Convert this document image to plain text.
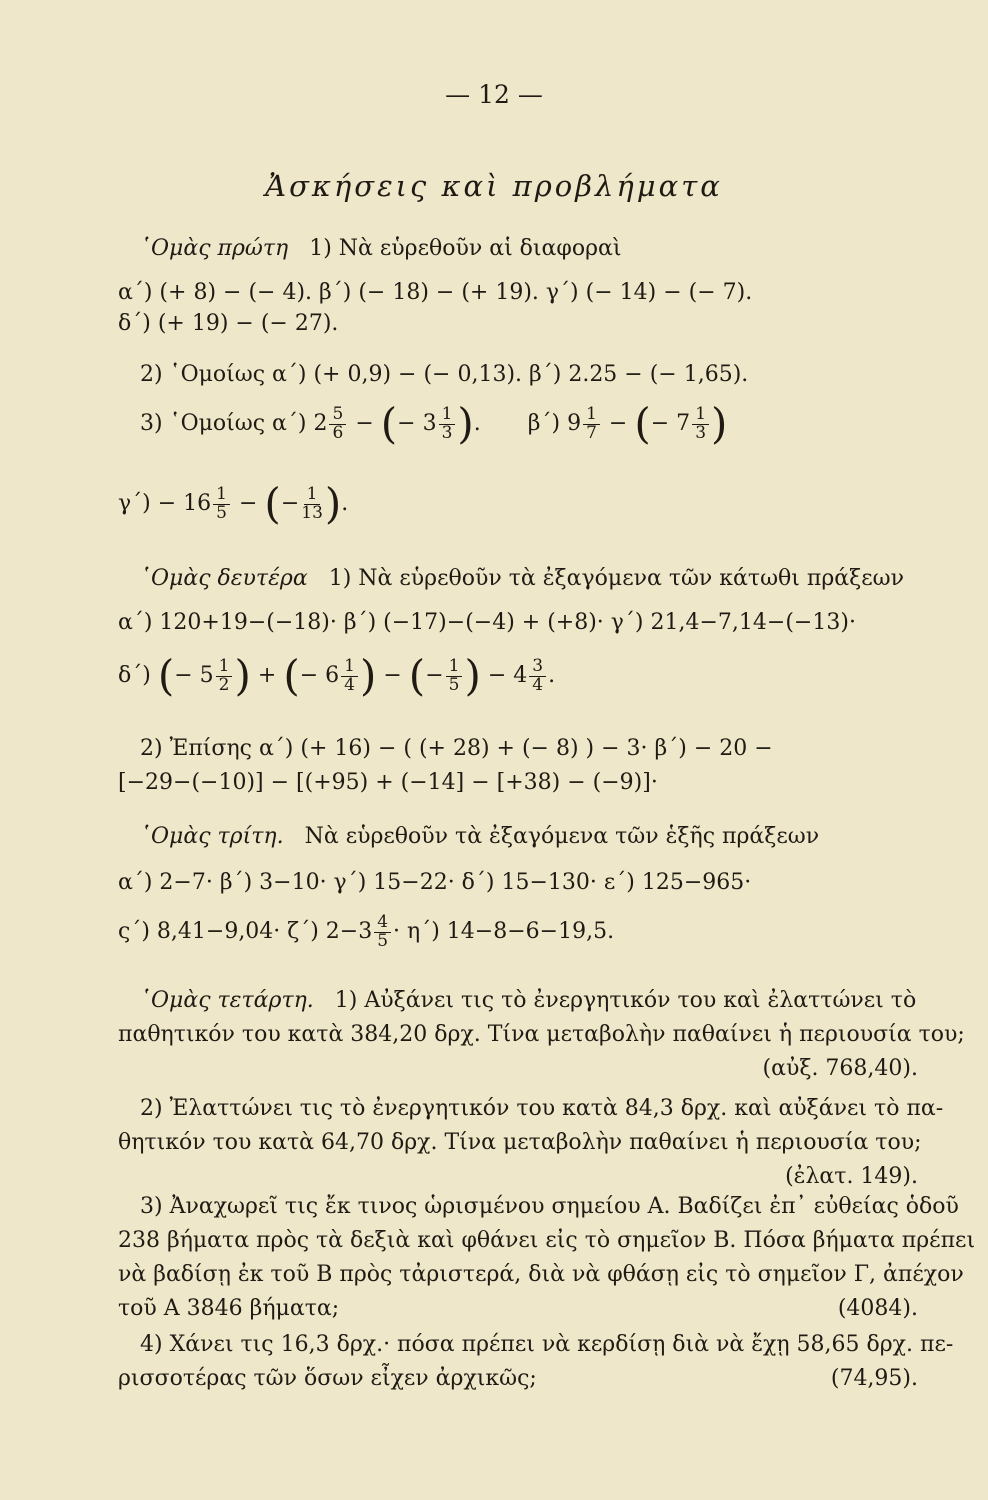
— 12 —
Ἀσκήσεις καὶ προβλήματα
῾Ομὰς πρώτη 1) Νὰ εὑρεθοῦν αἱ διαφοραὶ
α΄) (+ 8) − (− 4). β΄) (− 18) − (+ 19). γ΄) (− 14) − (− 7).
δ΄) (+ 19) − (− 27).
2) ῾Ομοίως α΄) (+ 0,9) − (− 0,13). β΄) 2.25 − (− 1,65).
3) ῾Ομοίως α΄) $2 \frac{5}{6}$ − (− $3 \frac{1}{3}$ ). β΄) $9 \frac{1}{7}$ − (− $7 \frac{1}{3}$ )
$\gamma΄) - 16 \frac{1}{5}$ − (− $\frac{1}{13}$ ).
῾Ομὰς δευτέρα 1) Νὰ εὑρεθοῦν τὰ ἐξαγόμενα τῶν κάτωθι πράξεων
α΄) 120+19−(−18)· β΄) (−17)−(−4) + (+8)· γ΄) 21,4−7,14−(−13)·
δ΄) (− $5 \frac{1}{2}$ ) + (− $6 \frac{1}{4}$ ) − (− $\frac{1}{5}$ ) − $4 \frac{3}{4}$ .
2) Ἐπίσης α΄) (+ 16) − ( (+ 28) + (− 8) ) − 3· β΄) − 20 −
[−29−(−10)] − [(+95) + (−14] − [+38) − (−9)]·
῾Ομὰς τρίτη. Νὰ εὑρεθοῦν τὰ ἐξαγόμενα τῶν ἑξῆς πράξεων
α΄) 2−7· β΄) 3−10· γ΄) 15−22· δ΄) 15−130· ε΄) 125−965·
ς΄) 8,41−9,04· ζ΄) $2-3 \frac{4}{5} \cdot \eta΄$) 14−8−6−19,5.
῾Ομὰς τετάρτη. 1) Αὐξάνει τις τὸ ἐνεργητικόν του καὶ ἐλαττώνει τὸ
παθητικόν του κατὰ 384,20 δρχ. Τίνα μεταβολὴν παθαίνει ἡ περιουσία του;
(αὐξ. 768,40).
2) Ἐλαττώνει τις τὸ ἐνεργητικόν του κατὰ 84,3 δρχ. καὶ αὐξάνει τὸ πα-
θητικόν του κατὰ 64,70 δρχ. Τίνα μεταβολὴν παθαίνει ἡ περιουσία του;
(ἐλατ. 149).
3) Ἀναχωρεῖ τις ἔκ τινος ὡρισμένου σημείου Α. Βαδίζει ἐπ᾿ εὐθείας ὁδοῦ
238 βήματα πρὸς τὰ δεξιὰ καὶ φθάνει εἰς τὸ σημεῖον Β. Πόσα βήματα πρέπει
νὰ βαδίσῃ ἐκ τοῦ Β πρὸς τἀριστερά, διὰ νὰ φθάσῃ εἰς τὸ σημεῖον Γ, ἀπέχον
τοῦ Α 3846 βήματα;	(4084).
4) Χάνει τις 16,3 δρχ.· πόσα πρέπει νὰ κερδίσῃ διὰ νὰ ἔχῃ 58,65 δρχ. πε-
ρισσοτέρας τῶν ὅσων εἶχεν ἀρχικῶς;	(74,95).
